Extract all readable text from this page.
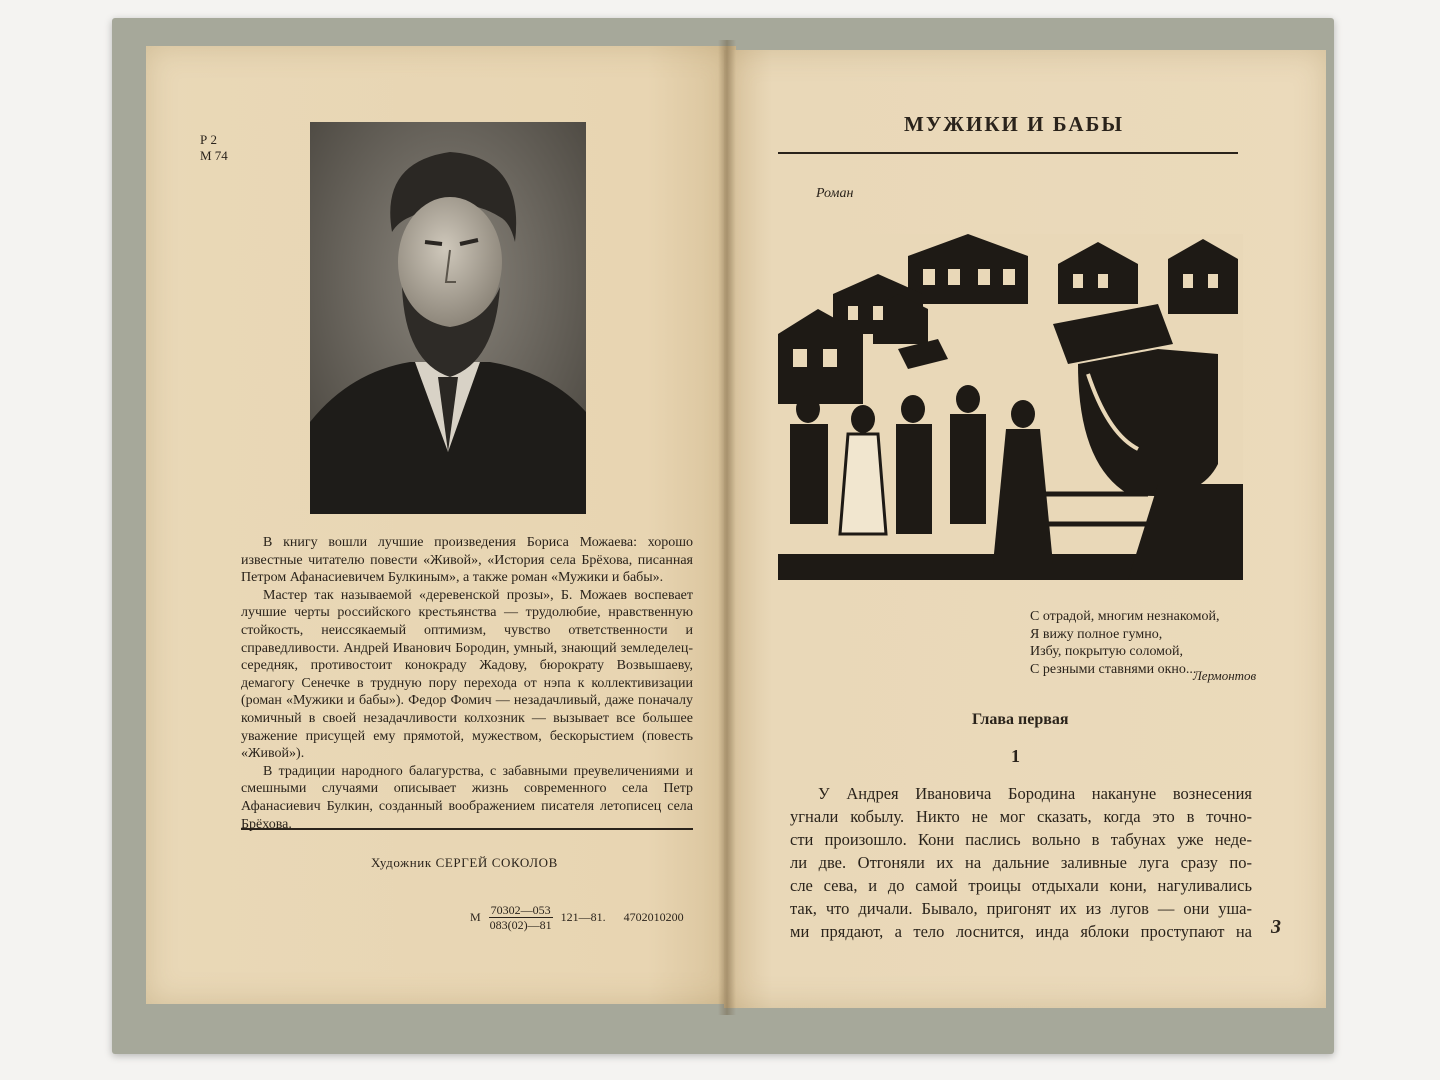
Р 2
М 74

В книгу вошли лучшие произведения Бориса Можаева: хорошо известные читателю повести «Живой», «История села Брёхова, писанная Петром Афанасиевичем Булкиным», а также роман «Мужики и бабы».

Мастер так называемой «деревенской прозы», Б. Можаев воспевает лучшие черты российского крестьянства — трудолюбие, нравственную стойкость, неиссякаемый оптимизм, чувство ответственности и справедливости. Андрей Иванович Бородин, умный, знающий земледелец-середняк, противостоит конокраду Жадову, бюрократу Возвышаеву, демагогу Сенечке в трудную пору перехода от нэпа к коллективизации (роман «Мужики и бабы»). Федор Фомич — незадачливый, даже поначалу комичный в своей незадачливости колхозник — вызывает все большее уважение присущей ему прямотой, мужеством, бескорыстием (повесть «Живой»).

В традиции народного балагурства, с забавными преувеличениями и смешными случаями описывает жизнь современного села Петр Афанасиевич Булкин, созданный воображением писателя летописец села Брёхова.

Художник СЕРГЕЙ СОКОЛОВ
М $\frac{70302—053}{083(02)—81}$ 121—81. 4702010200
МУЖИКИ И БАБЫ
Роман
С отрадой, многим незнакомой,
Я вижу полное гумно,
Избу, покрытую соломой,
С резными ставнями окно...
Лермонтов
Глава первая
1
У Андрея Ивановича Бородина накануне вознесения
угнали кобылу. Никто не мог сказать, когда это в точно-
сти произошло. Кони паслись вольно в табунах уже неде-
ли две. Отгоняли их на дальние заливные луга сразу по-
сле сева, и до самой троицы отдыхали кони, нагуливались
так, что дичали. Бывало, пригонят их из лугов — они уша-
ми прядают, а тело лоснится, инда яблоки проступают на 3
